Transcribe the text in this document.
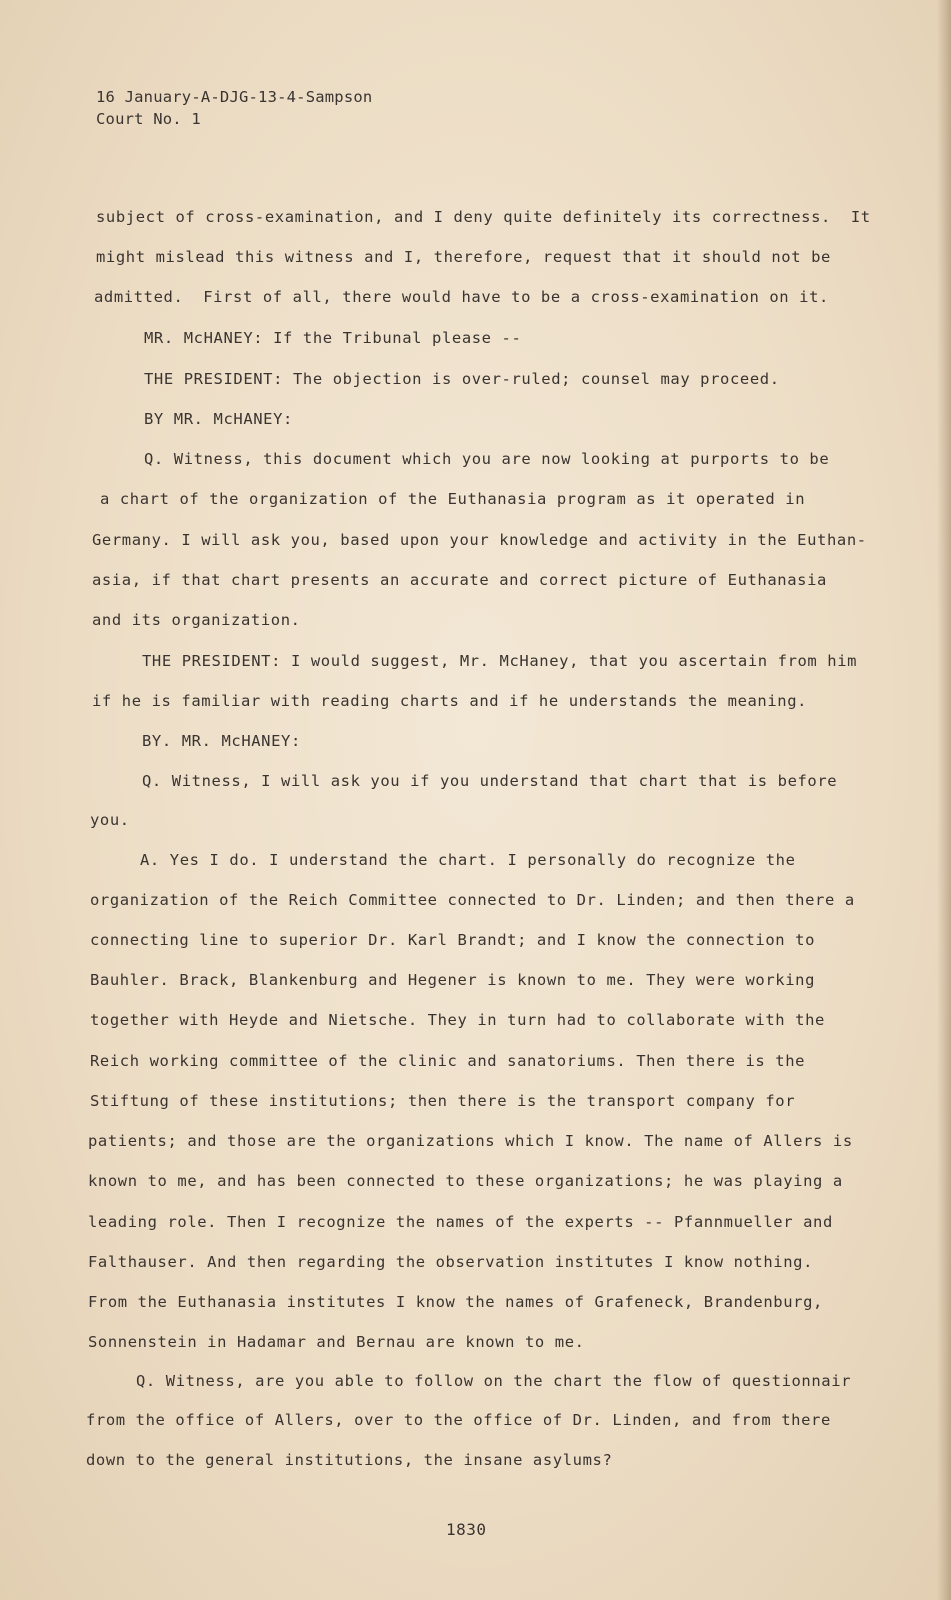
16 January-A-DJG-13-4-Sampson
Court No. 1
subject of cross-examination, and I deny quite definitely its correctness.  It
might mislead this witness and I, therefore, request that it should not be
admitted.  First of all, there would have to be a cross-examination on it.
MR. McHANEY: If the Tribunal please --
THE PRESIDENT: The objection is over-ruled; counsel may proceed.
BY MR. McHANEY:
Q. Witness, this document which you are now looking at purports to be
a chart of the organization of the Euthanasia program as it operated in
Germany. I will ask you, based upon your knowledge and activity in the Euthan-
asia, if that chart presents an accurate and correct picture of Euthanasia
and its organization.
THE PRESIDENT: I would suggest, Mr. McHaney, that you ascertain from him
if he is familiar with reading charts and if he understands the meaning.
BY. MR. McHANEY:
Q. Witness, I will ask you if you understand that chart that is before
you.
A. Yes I do. I understand the chart. I personally do recognize the
organization of the Reich Committee connected to Dr. Linden; and then there a
connecting line to superior Dr. Karl Brandt; and I know the connection to
Bauhler. Brack, Blankenburg and Hegener is known to me. They were working
together with Heyde and Nietsche. They in turn had to collaborate with the
Reich working committee of the clinic and sanatoriums. Then there is the
Stiftung of these institutions; then there is the transport company for
patients; and those are the organizations which I know. The name of Allers is
known to me, and has been connected to these organizations; he was playing a
leading role. Then I recognize the names of the experts -- Pfannmueller and
Falthauser. And then regarding the observation institutes I know nothing.
From the Euthanasia institutes I know the names of Grafeneck, Brandenburg,
Sonnenstein in Hadamar and Bernau are known to me.
Q. Witness, are you able to follow on the chart the flow of questionnair
from the office of Allers, over to the office of Dr. Linden, and from there
down to the general institutions, the insane asylums?
1830
